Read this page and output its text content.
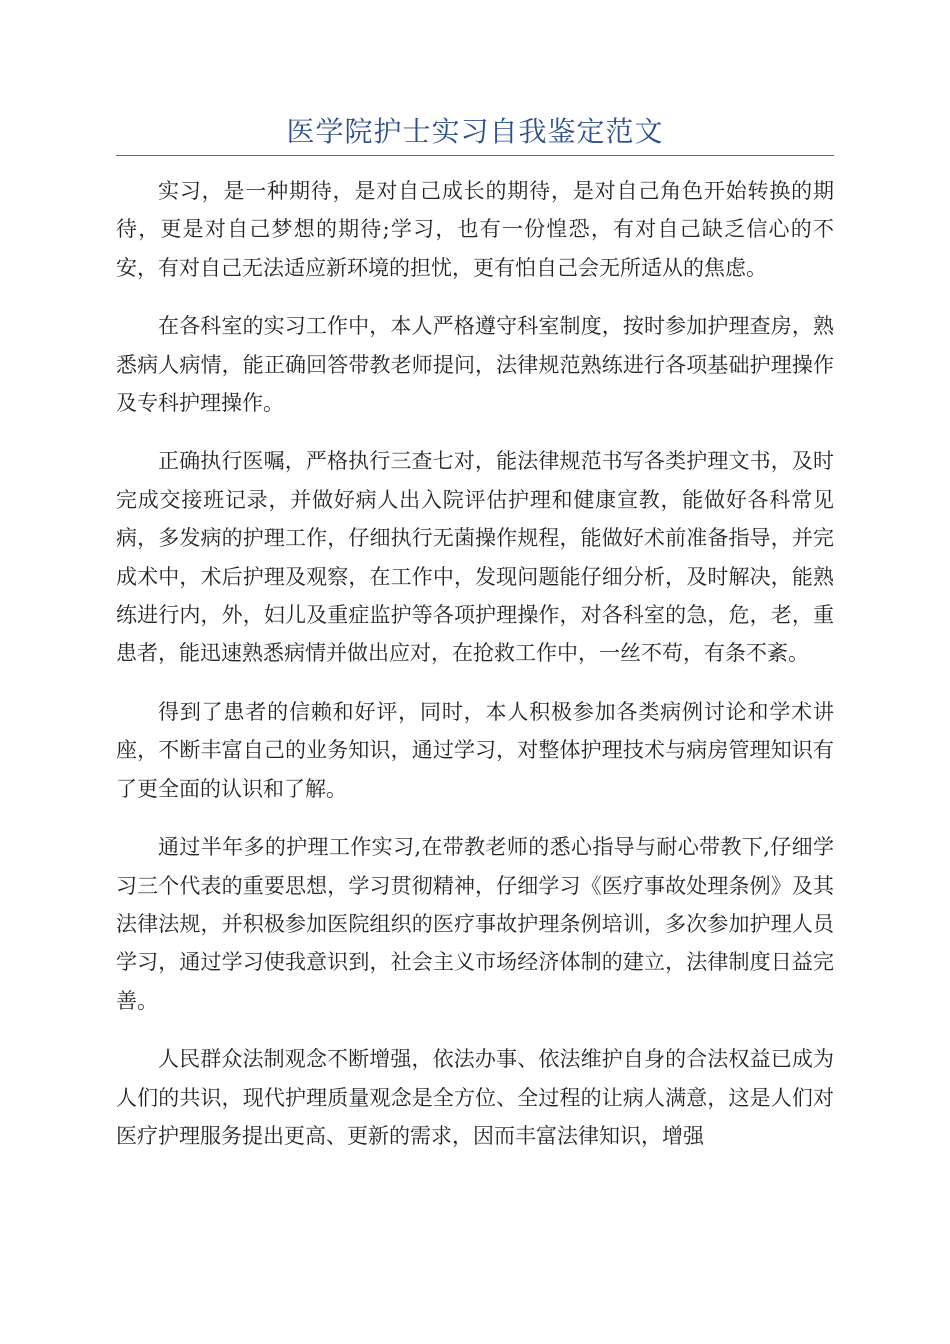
医学院护士实习自我鉴定范文

实习，是一种期待，是对自己成长的期待，是对自己角色开始转换的期待，更是对自己梦想的期待;学习，也有一份惶恐，有对自己缺乏信心的不安，有对自己无法适应新环境的担忧，更有怕自己会无所适从的焦虑。

在各科室的实习工作中，本人严格遵守科室制度，按时参加护理查房，熟悉病人病情，能正确回答带教老师提问，法律规范熟练进行各项基础护理操作及专科护理操作。

正确执行医嘱，严格执行三查七对，能法律规范书写各类护理文书，及时完成交接班记录，并做好病人出入院评估护理和健康宣教，能做好各科常见病，多发病的护理工作，仔细执行无菌操作规程，能做好术前准备指导，并完成术中，术后护理及观察，在工作中，发现问题能仔细分析，及时解决，能熟练进行内，外，妇儿及重症监护等各项护理操作，对各科室的急，危，老，重患者，能迅速熟悉病情并做出应对，在抢救工作中，一丝不苟，有条不紊。

得到了患者的信赖和好评，同时，本人积极参加各类病例讨论和学术讲座，不断丰富自己的业务知识，通过学习，对整体护理技术与病房管理知识有了更全面的认识和了解。

通过半年多的护理工作实习,在带教老师的悉心指导与耐心带教下,仔细学习三个代表的重要思想，学习贯彻精神，仔细学习《医疗事故处理条例》及其法律法规，并积极参加医院组织的医疗事故护理条例培训，多次参加护理人员学习，通过学习使我意识到，社会主义市场经济体制的建立，法律制度日益完善。

人民群众法制观念不断增强，依法办事、依法维护自身的合法权益已成为人们的共识，现代护理质量观念是全方位、全过程的让病人满意，这是人们对医疗护理服务提出更高、更新的需求，因而丰富法律知识，增强
